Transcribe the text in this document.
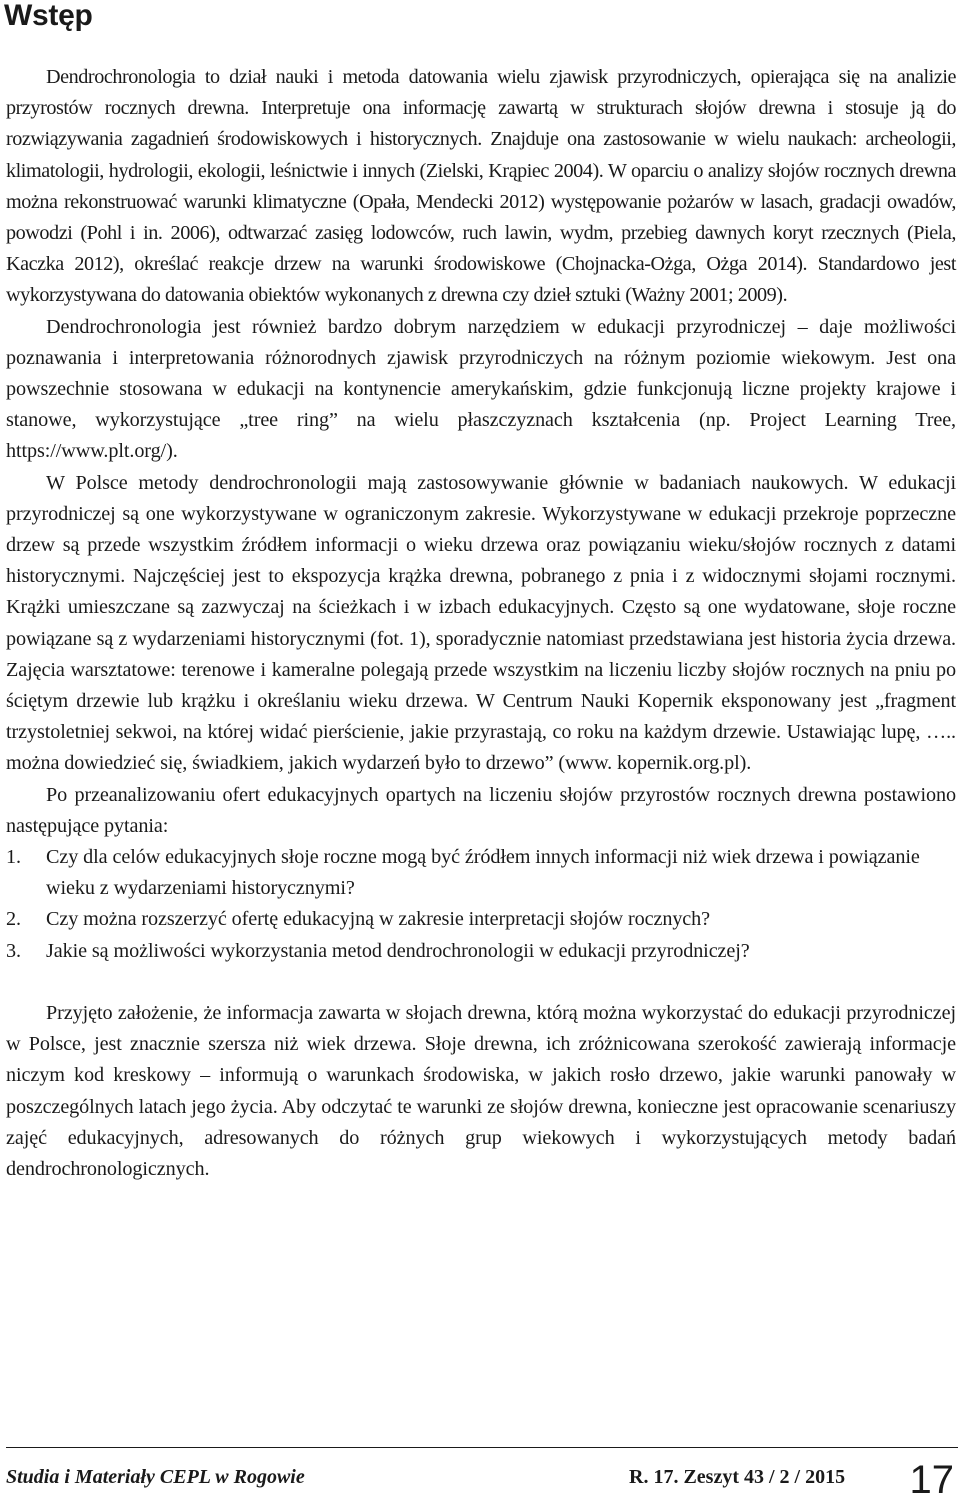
Wstęp

Dendrochronologia to dział nauki i metoda datowania wielu zjawisk przyrodniczych, opierająca się na analizie przyrostów rocznych drewna. Interpretuje ona informację zawartą w strukturach słojów drewna i stosuje ją do rozwiązywania zagadnień środowiskowych i historycznych. Znajduje ona zastosowanie w wielu naukach: archeologii, klimatologii, hydrologii, ekologii, leśnictwie i innych (Zielski, Krąpiec 2004). W oparciu o analizy słojów rocznych drewna można rekonstruować warunki klimatyczne (Opała, Mendecki 2012) występowanie pożarów w lasach, gradacji owadów, powodzi (Pohl i in. 2006), odtwarzać zasięg lodowców, ruch lawin, wydm, przebieg dawnych koryt rzecznych (Piela, Kaczka 2012), określać reakcje drzew na warunki środowiskowe (Chojnacka-Ożga, Ożga 2014). Standardowo jest wykorzystywana do datowania obiektów wykonanych z drewna czy dzieł sztuki (Ważny 2001; 2009).

Dendrochronologia jest również bardzo dobrym narzędziem w edukacji przyrodniczej – daje możliwości poznawania i interpretowania różnorodnych zjawisk przyrodniczych na różnym poziomie wiekowym. Jest ona powszechnie stosowana w edukacji na kontynencie amerykańskim, gdzie funkcjonują liczne projekty krajowe i stanowe, wykorzystujące „tree ring” na wielu płaszczyznach kształcenia (np. Project Learning Tree, https://www.plt.org/).

W Polsce metody dendrochronologii mają zastosowywanie głównie w badaniach naukowych. W edukacji przyrodniczej są one wykorzystywane w ograniczonym zakresie. Wykorzystywane w edukacji przekroje poprzeczne drzew są przede wszystkim źródłem informacji o wieku drzewa oraz powiązaniu wieku/słojów rocznych z datami historycznymi. Najczęściej jest to ekspozycja krążka drewna, pobranego z pnia i z widocznymi słojami rocznymi. Krążki umieszczane są zazwyczaj na ścieżkach i w izbach edukacyjnych. Często są one wydatowane, słoje roczne powiązane są z wydarzeniami historycznymi (fot. 1), sporadycznie natomiast przedstawiana jest historia życia drzewa. Zajęcia warsztatowe: terenowe i kameralne polegają przede wszystkim na liczeniu liczby słojów rocznych na pniu po ściętym drzewie lub krążku i określaniu wieku drzewa. W Centrum Nauki Kopernik eksponowany jest „fragment trzystoletniej sekwoi, na której widać pierścienie, jakie przyrastają, co roku na każdym drzewie. Ustawiając lupę, ….. można dowiedzieć się, świadkiem, jakich wydarzeń było to drzewo” (www. kopernik.org.pl).

Po przeanalizowaniu ofert edukacyjnych opartych na liczeniu słojów przyrostów rocznych drewna postawiono następujące pytania:

1.	Czy dla celów edukacyjnych słoje roczne mogą być źródłem innych informacji niż wiek drzewa i powiązanie wieku z wydarzeniami historycznymi?
2.	Czy można rozszerzyć ofertę edukacyjną w zakresie interpretacji słojów rocznych?
3.	Jakie są możliwości wykorzystania metod dendrochronologii w edukacji przyrodniczej?

Przyjęto założenie, że informacja zawarta w słojach drewna, którą można wykorzystać do edukacji przyrodniczej w Polsce, jest znacznie szersza niż wiek drzewa. Słoje drewna, ich zróżnicowana szerokość zawierają informacje niczym kod kreskowy – informują o warunkach środowiska, w jakich rosło drzewo, jakie warunki panowały w poszczególnych latach jego życia. Aby odczytać te warunki ze słojów drewna, konieczne jest opracowanie scenariuszy zajęć edukacyjnych, adresowanych do różnych grup wiekowych i wykorzystujących metody badań dendrochronologicznych.

Studia i Materiały CEPL w Rogowie	R. 17. Zeszyt 43 / 2 / 2015 17
